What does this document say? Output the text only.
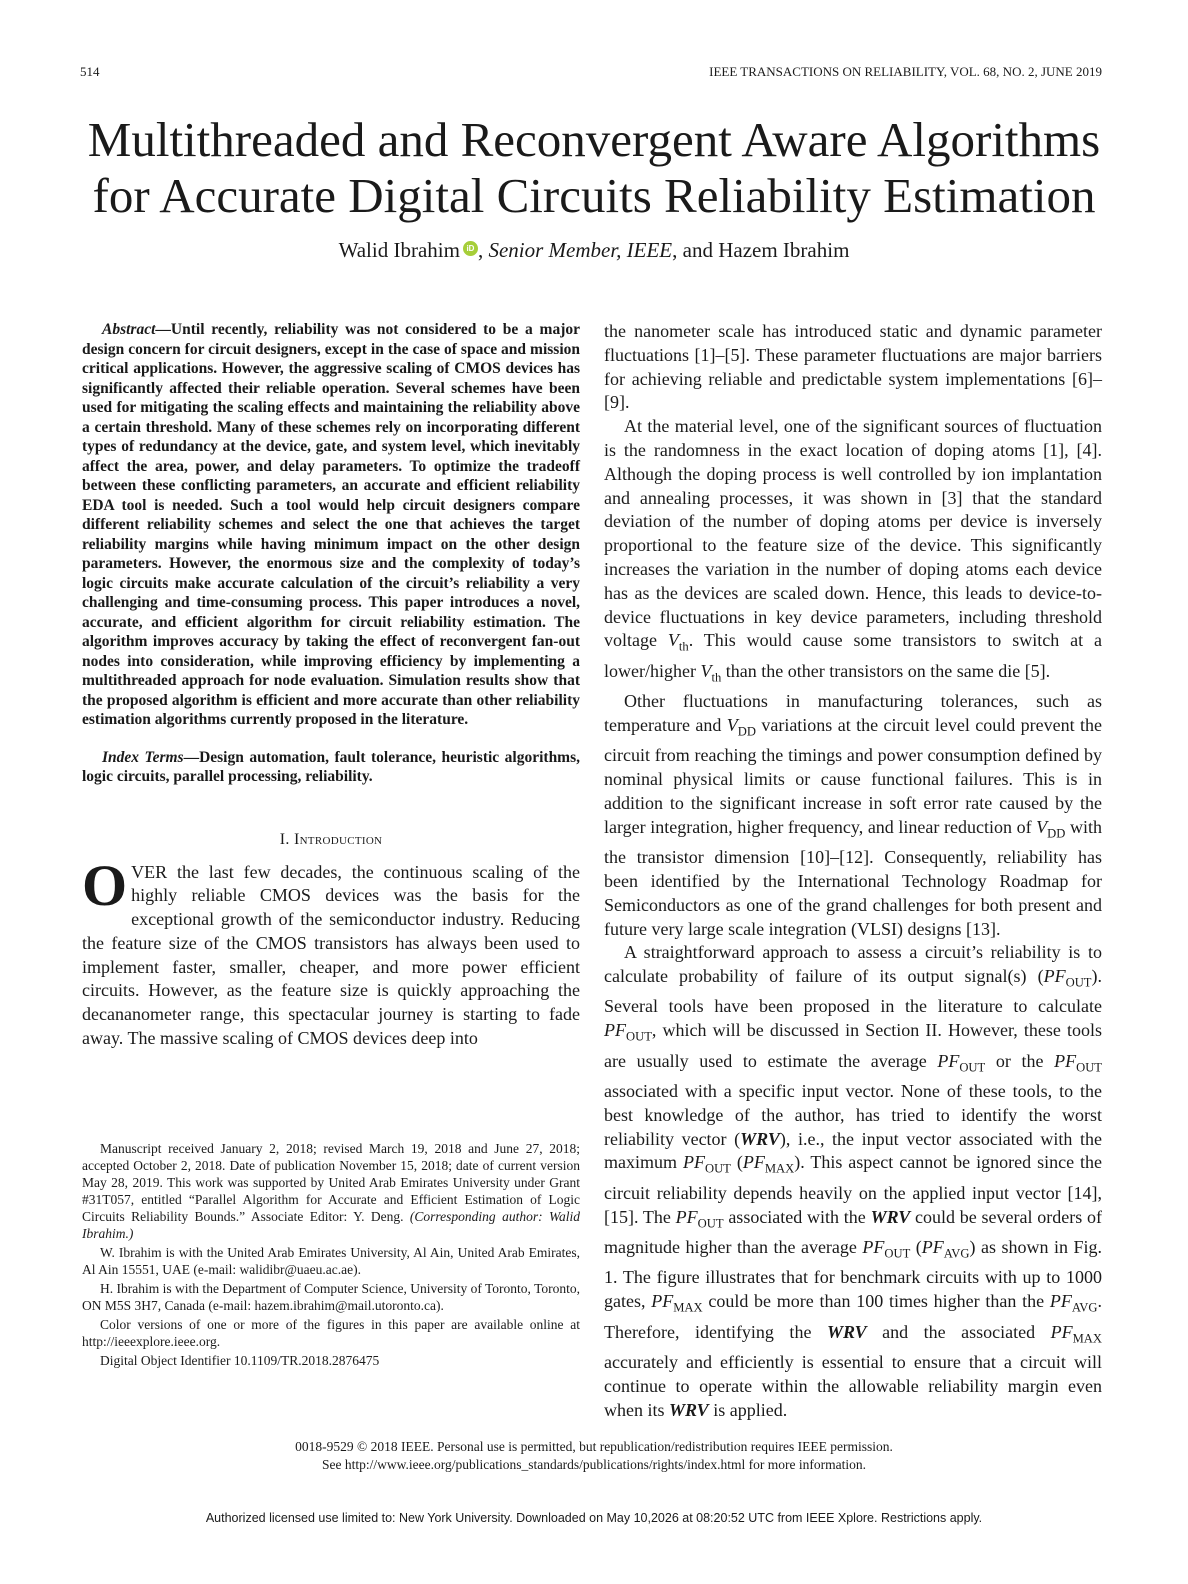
514	IEEE TRANSACTIONS ON RELIABILITY, VOL. 68, NO. 2, JUNE 2019
Multithreaded and Reconvergent Aware Algorithms
for Accurate Digital Circuits Reliability Estimation
Walid Ibrahim iD , Senior Member, IEEE, and Hazem Ibrahim

Abstract—Until recently, reliability was not considered to be a major design concern for circuit designers, except in the case of space and mission critical applications. However, the aggressive scaling of CMOS devices has significantly affected their reliable operation. Several schemes have been used for mitigating the scaling effects and maintaining the reliability above a certain threshold. Many of these schemes rely on incorporating different types of redundancy at the device, gate, and system level, which inevitably affect the area, power, and delay parameters. To optimize the tradeoff between these conflicting parameters, an accurate and efficient reliability EDA tool is needed. Such a tool would help circuit designers compare different reliability schemes and select the one that achieves the target reliability margins while having minimum impact on the other design parameters. However, the enormous size and the complexity of today’s logic circuits make accurate calculation of the circuit’s reliability a very challenging and time-consuming process. This paper introduces a novel, accurate, and efficient algorithm for circuit reliability estimation. The algorithm improves accuracy by taking the effect of reconvergent fan-out nodes into consideration, while improving efficiency by implementing a multithreaded approach for node evaluation. Simulation results show that the proposed algorithm is efficient and more accurate than other reliability estimation algorithms currently proposed in the literature.

Index Terms—Design automation, fault tolerance, heuristic algorithms, logic circuits, parallel processing, reliability.

I. Introduction

OVER the last few decades, the continuous scaling of the highly reliable CMOS devices was the basis for the exceptional growth of the semiconductor industry. Reducing the feature size of the CMOS transistors has always been used to implement faster, smaller, cheaper, and more power efficient circuits. However, as the feature size is quickly approaching the decananometer range, this spectacular journey is starting to fade away. The massive scaling of CMOS devices deep into

the nanometer scale has introduced static and dynamic parameter fluctuations [1]–[5]. These parameter fluctuations are major barriers for achieving reliable and predictable system implementations [6]–[9].

At the material level, one of the significant sources of fluctuation is the randomness in the exact location of doping atoms [1], [4]. Although the doping process is well controlled by ion implantation and annealing processes, it was shown in [3] that the standard deviation of the number of doping atoms per device is inversely proportional to the feature size of the device. This significantly increases the variation in the number of doping atoms each device has as the devices are scaled down. Hence, this leads to device-to-device fluctuations in key device parameters, including threshold voltage $V_{th}$. This would cause some transistors to switch at a lower/higher $V_{th}$ than the other transistors on the same die [5].

Other fluctuations in manufacturing tolerances, such as temperature and $V_{DD}$ variations at the circuit level could prevent the circuit from reaching the timings and power consumption defined by nominal physical limits or cause functional failures. This is in addition to the significant increase in soft error rate caused by the larger integration, higher frequency, and linear reduction of $V_{DD}$ with the transistor dimension [10]–[12]. Consequently, reliability has been identified by the International Technology Roadmap for Semiconductors as one of the grand challenges for both present and future very large scale integration (VLSI) designs [13].

A straightforward approach to assess a circuit’s reliability is to calculate probability of failure of its output signal(s) $(PF_{OUT})$. Several tools have been proposed in the literature to calculate $PF_{OUT}$, which will be discussed in Section II. However, these tools are usually used to estimate the average $PF_{OUT}$ or the $PF_{OUT}$ associated with a specific input vector. None of these tools, to the best knowledge of the author, has tried to identify the worst reliability vector (WRV), i.e., the input vector associated with the maximum $PF_{OUT}$ $(PF_{MAX})$. This aspect cannot be ignored since the circuit reliability depends heavily on the applied input vector [14], [15]. The $PF_{OUT}$ associated with the WRV could be several orders of magnitude higher than the average $PF_{OUT}$ $(PF_{AVG})$ as shown in Fig. 1. The figure illustrates that for benchmark circuits with up to 1000 gates, $PF_{MAX}$ could be more than 100 times higher than the $PF_{AVG}$. Therefore, identifying the WRV and the associated $PF_{MAX}$ accurately and efficiently is essential to ensure that a circuit will continue to operate within the allowable reliability margin even when its WRV is applied.

Manuscript received January 2, 2018; revised March 19, 2018 and June 27, 2018; accepted October 2, 2018. Date of publication November 15, 2018; date of current version May 28, 2019. This work was supported by United Arab Emirates University under Grant #31T057, entitled “Parallel Algorithm for Accurate and Efficient Estimation of Logic Circuits Reliability Bounds.” Associate Editor: Y. Deng. (Corresponding author: Walid Ibrahim.)

W. Ibrahim is with the United Arab Emirates University, Al Ain, United Arab Emirates, Al Ain 15551, UAE (e-mail: walidibr@uaeu.ac.ae).

H. Ibrahim is with the Department of Computer Science, University of Toronto, Toronto, ON M5S 3H7, Canada (e-mail: hazem.ibrahim@mail.utoronto.ca).

Color versions of one or more of the figures in this paper are available online at http://ieeexplore.ieee.org.

Digital Object Identifier 10.1109/TR.2018.2876475

0018-9529 © 2018 IEEE. Personal use is permitted, but republication/redistribution requires IEEE permission.
See http://www.ieee.org/publications_standards/publications/rights/index.html for more information.
Authorized licensed use limited to: New York University. Downloaded on May 10,2026 at 08:20:52 UTC from IEEE Xplore. Restrictions apply.
